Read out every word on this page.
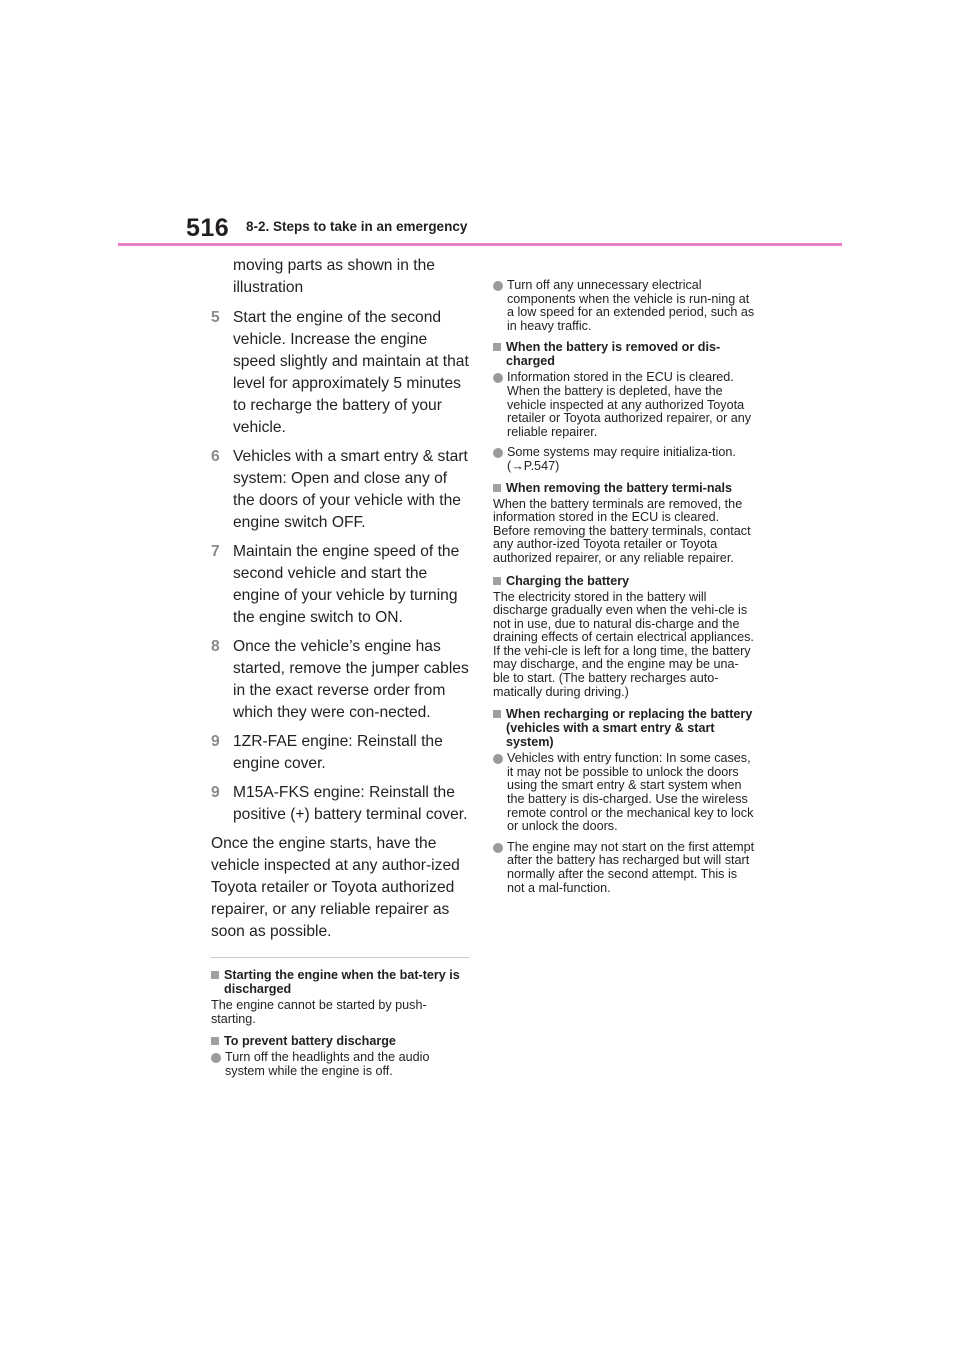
516 8-2. Steps to take in an emergency

moving parts as shown in the illustration

5 Start the engine of the second vehicle. Increase the engine speed slightly and maintain at that level for approximately 5 minutes to recharge the battery of your vehicle.
6 Vehicles with a smart entry & start system: Open and close any of the doors of your vehicle with the engine switch OFF.
7 Maintain the engine speed of the second vehicle and start the engine of your vehicle by turning the engine switch to ON.
8 Once the vehicle’s engine has started, remove the jumper cables in the exact reverse order from which they were con-nected.
9 1ZR-FAE engine: Reinstall the engine cover.
9 M15A-FKS engine: Reinstall the positive (+) battery terminal cover.

Once the engine starts, have the vehicle inspected at any author-ized Toyota retailer or Toyota authorized repairer, or any reliable repairer as soon as possible.

Starting the engine when the bat-tery is discharged

The engine cannot be started by push-starting.

To prevent battery discharge
Turn off the headlights and the audio system while the engine is off.
Turn off any unnecessary electrical components when the vehicle is run-ning at a low speed for an extended period, such as in heavy traffic.
When the battery is removed or dis-charged
Information stored in the ECU is cleared. When the battery is depleted, have the vehicle inspected at any authorized Toyota retailer or Toyota authorized repairer, or any reliable repairer.
Some systems may require initializa-tion. (→P.547)
When removing the battery termi-nals

When the battery terminals are removed, the information stored in the ECU is cleared. Before removing the battery terminals, contact any author-ized Toyota retailer or Toyota authorized repairer, or any reliable repairer.

Charging the battery

The electricity stored in the battery will discharge gradually even when the vehi-cle is not in use, due to natural dis-charge and the draining effects of certain electrical appliances. If the vehi-cle is left for a long time, the battery may discharge, and the engine may be una-ble to start. (The battery recharges auto-matically during driving.)

When recharging or replacing the battery (vehicles with a smart entry & start system)
Vehicles with entry function: In some cases, it may not be possible to unlock the doors using the smart entry & start system when the battery is dis-charged. Use the wireless remote control or the mechanical key to lock or unlock the doors.
The engine may not start on the first attempt after the battery has recharged but will start normally after the second attempt. This is not a mal-function.
